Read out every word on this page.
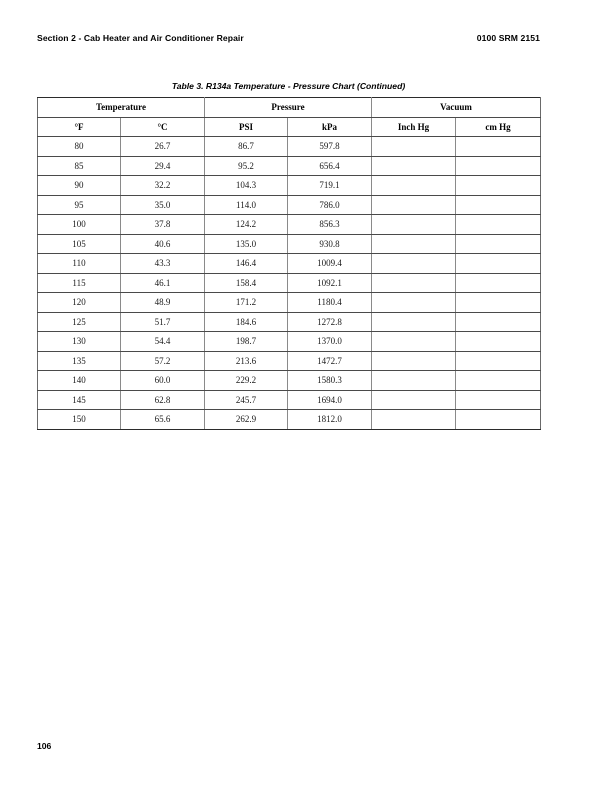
Section 2 - Cab Heater and Air Conditioner Repair	0100 SRM 2151
Table 3. R134a Temperature - Pressure Chart (Continued)
Temperature		Pressure		Vacuum	
°F	°C	PSI	kPa	Inch Hg	cm Hg
80	26.7	86.7	597.8		
85	29.4	95.2	656.4		
90	32.2	104.3	719.1		
95	35.0	114.0	786.0		
100	37.8	124.2	856.3		
105	40.6	135.0	930.8		
110	43.3	146.4	1009.4		
115	46.1	158.4	1092.1		
120	48.9	171.2	1180.4		
125	51.7	184.6	1272.8		
130	54.4	198.7	1370.0		
135	57.2	213.6	1472.7		
140	60.0	229.2	1580.3		
145	62.8	245.7	1694.0		
150	65.6	262.9	1812.0		
106
